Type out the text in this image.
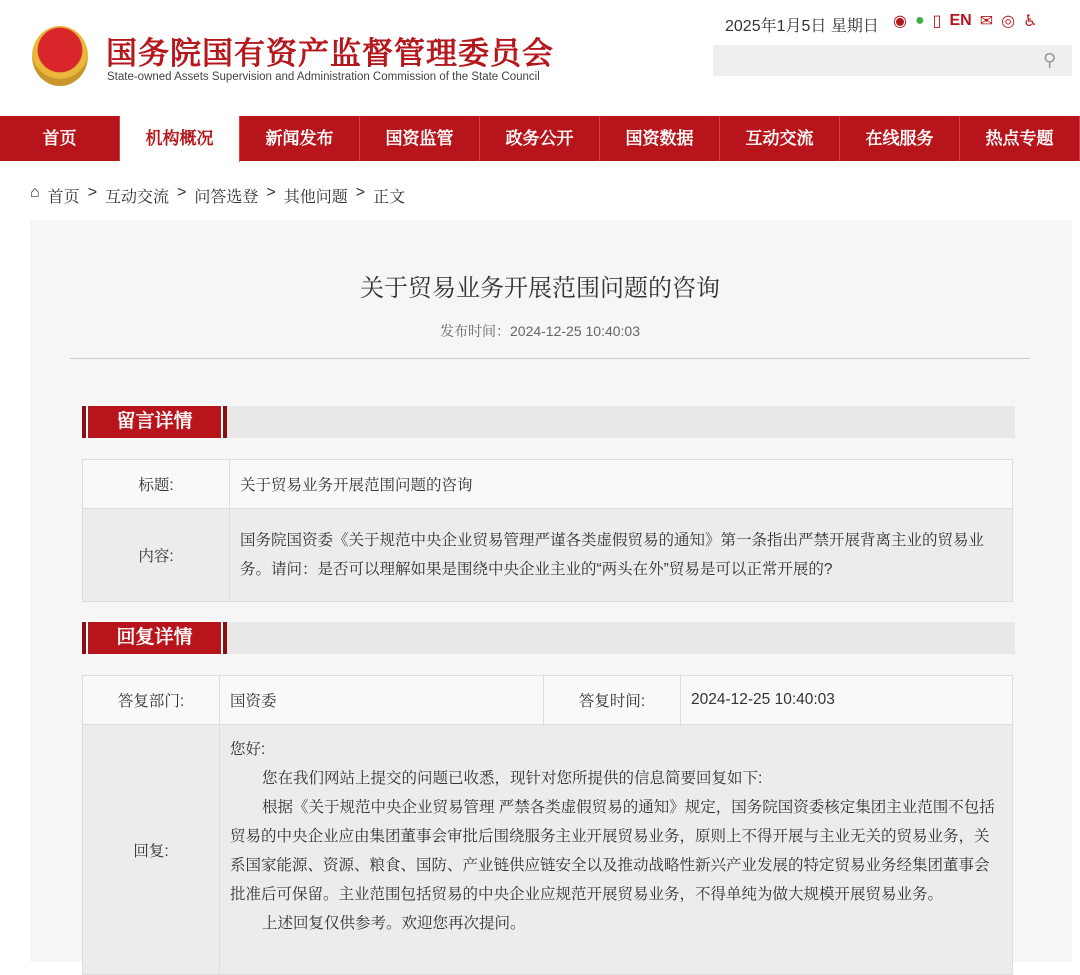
国务院国有资产监督管理委员会
State-owned Assets Supervision and Administration Commission of the State Council
2025年1月5日 星期日 ◉ ● ▯ EN ✉ ◎ ♿
⚲
首页	机构概况	新闻发布	国资监管	政务公开	国资数据	互动交流	在线服务	热点专题
⌂ 首页 > 互动交流 > 问答选登 > 其他问题 > 正文
关于贸易业务开展范围问题的咨询
发布时间：2024-12-25 10:40:03
留言详情
标题:	关于贸易业务开展范围问题的咨询
内容:	国务院国资委《关于规范中央企业贸易管理严谨各类虚假贸易的通知》第一条指出严禁开展背离主业的贸易业务。请问：是否可以理解如果是围绕中央企业主业的“两头在外”贸易是可以正常开展的?
回复详情
答复部门:	国资委	答复时间:	2024-12-25 10:40:03
回复:	您好:
您在我们网站上提交的问题已收悉，现针对您所提供的信息简要回复如下:
根据《关于规范中央企业贸易管理 严禁各类虚假贸易的通知》规定，国务院国资委核定集团主业范围不包括贸易的中央企业应由集团董事会审批后围绕服务主业开展贸易业务，原则上不得开展与主业无关的贸易业务，关系国家能源、资源、粮食、国防、产业链供应链安全以及推动战略性新兴产业发展的特定贸易业务经集团董事会批准后可保留。主业范围包括贸易的中央企业应规范开展贸易业务，不得单纯为做大规模开展贸易业务。
上述回复仅供参考。欢迎您再次提问。		
